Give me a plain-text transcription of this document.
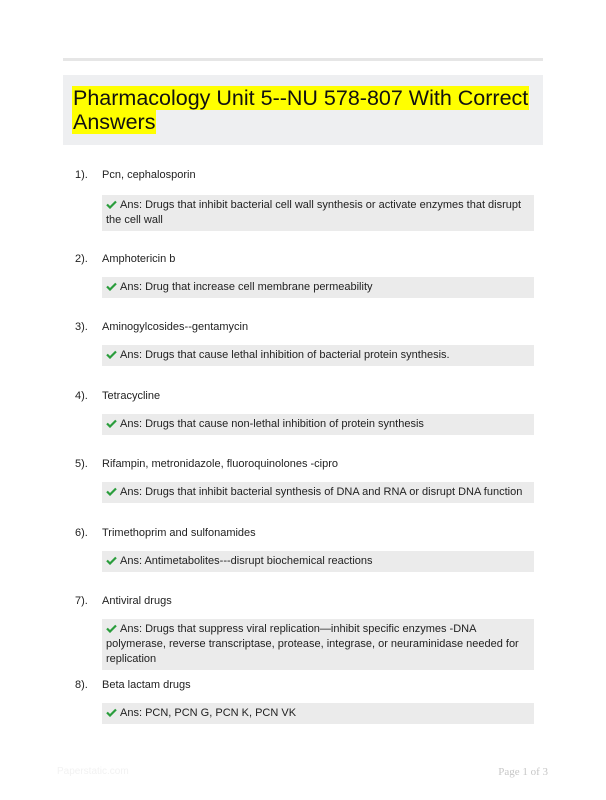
Pharmacology Unit 5--NU 578-807 With Correct Answers
1). Pcn, cephalosporin
Ans: Drugs that inhibit bacterial cell wall synthesis or activate enzymes that disrupt the cell wall
2). Amphotericin b
Ans: Drug that increase cell membrane permeability
3). Aminogylcosides--gentamycin
Ans: Drugs that cause lethal inhibition of bacterial protein synthesis.
4). Tetracycline
Ans: Drugs that cause non-lethal inhibition of protein synthesis
5). Rifampin, metronidazole, fluoroquinolones -cipro
Ans: Drugs that inhibit bacterial synthesis of DNA and RNA or disrupt DNA function
6). Trimethoprim and sulfonamides
Ans: Antimetabolites---disrupt biochemical reactions
7). Antiviral drugs
Ans: Drugs that suppress viral replication—inhibit specific enzymes -DNA polymerase, reverse transcriptase, protease, integrase, or neuraminidase needed for replication
8). Beta lactam drugs
Ans: PCN, PCN G, PCN K, PCN VK
Paperstatic.com	Page 1 of 3
